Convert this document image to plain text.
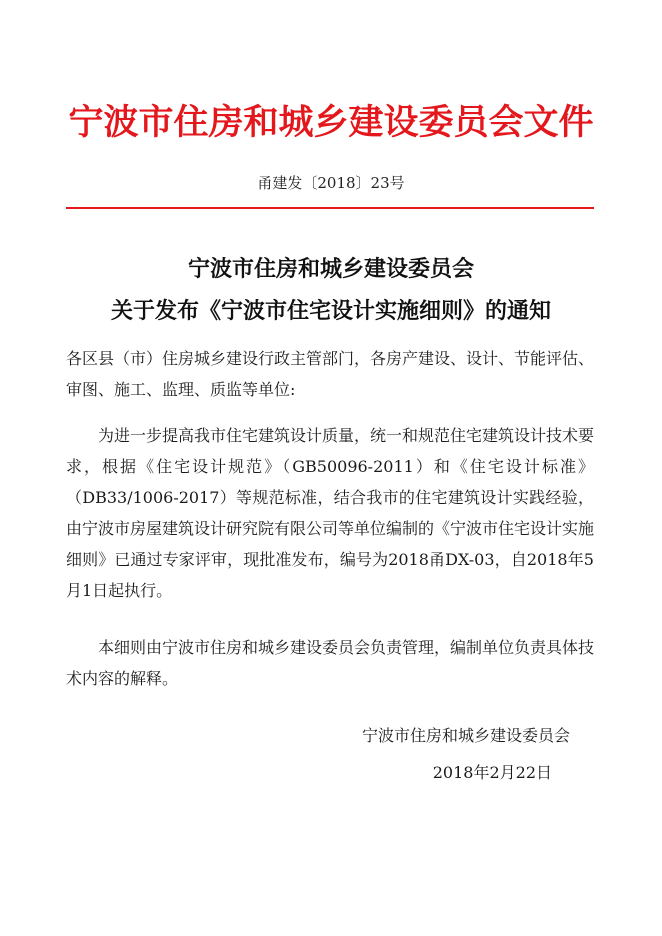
宁波市住房和城乡建设委员会文件
甬建发〔2018〕23号
宁波市住房和城乡建设委员会
关于发布《宁波市住宅设计实施细则》的通知
各区县（市）住房城乡建设行政主管部门，各房产建设、设计、节能评估、审图、施工、监理、质监等单位:
为进一步提高我市住宅建筑设计质量，统一和规范住宅建筑设计技术要求，根据《住宅设计规范》（GB50096-2011）和《住宅设计标准》（DB33/1006-2017）等规范标准，结合我市的住宅建筑设计实践经验，由宁波市房屋建筑设计研究院有限公司等单位编制的《宁波市住宅设计实施细则》已通过专家评审，现批准发布，编号为2018甬DX-03，自2018年5月1日起执行。
本细则由宁波市住房和城乡建设委员会负责管理，编制单位负责具体技术内容的解释。
宁波市住房和城乡建设委员会
2018年2月22日
